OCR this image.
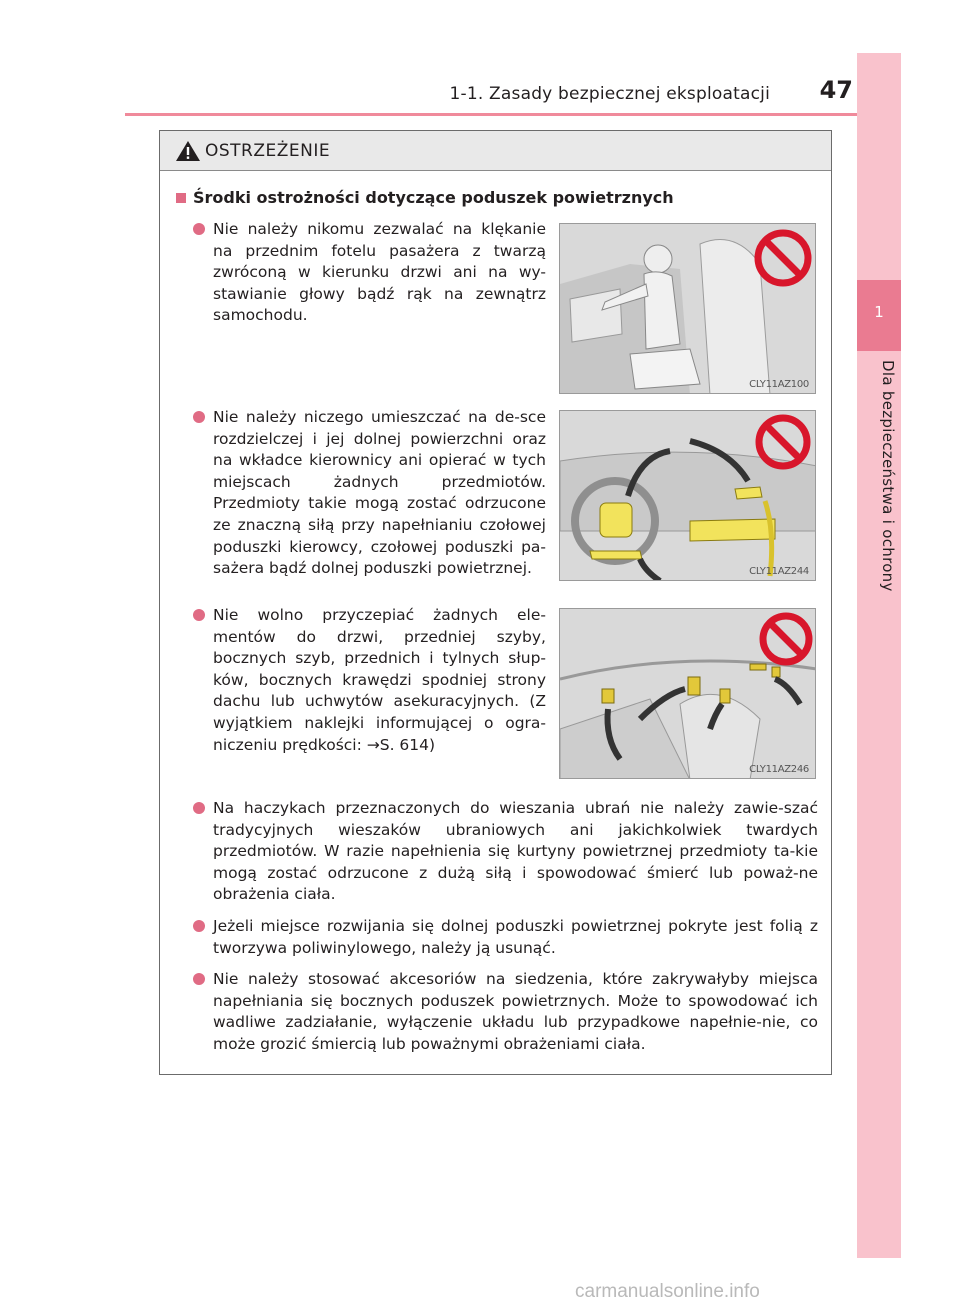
1-1. Zasady bezpiecznej eksploatacji	47
1
Dla bezpieczeństwa i ochrony
OSTRZEŻENIE
Środki ostrożności dotyczące poduszek powietrznych

Nie należy nikomu zezwalać na klękanie na przednim fotelu pasażera z twarzą zwróconą w kierunku drzwi ani na wy-stawianie głowy bądź rąk na zewnątrz samochodu.

CLY11AZ100

Nie należy niczego umieszczać na de-sce rozdzielczej i jej dolnej powierzchni oraz na wkładce kierownicy ani opierać w tych miejscach żadnych przedmiotów. Przedmioty takie mogą zostać odrzucone ze znaczną siłą przy napełnianiu czołowej poduszki kierowcy, czołowej poduszki pa-sażera bądź dolnej poduszki powietrznej.	CLY11AZ244

Nie wolno przyczepiać żadnych ele-mentów do drzwi, przedniej szyby, bocznych szyb, przednich i tylnych słup-ków, bocznych krawędzi spodniej strony dachu lub uchwytów asekuracyjnych. (Z wyjątkiem naklejki informującej o ogra-niczeniu prędkości: →S. 614)

CLY11AZ246

Na haczykach przeznaczonych do wieszania ubrań nie należy zawie-szać tradycyjnych wieszaków ubraniowych ani jakichkolwiek twardych przedmiotów. W razie napełnienia się kurtyny powietrznej przedmioty ta-kie mogą zostać odrzucone z dużą siłą i spowodować śmierć lub poważ-ne obrażenia ciała.

Jeżeli miejsce rozwijania się dolnej poduszki powietrznej pokryte jest folią z tworzywa poliwinylowego, należy ją usunąć.

Nie należy stosować akcesoriów na siedzenia, które zakrywałyby miejsca napełniania się bocznych poduszek powietrznych. Może to spowodować ich wadliwe zadziałanie, wyłączenie układu lub przypadkowe napełnie-nie, co może grozić śmiercią lub poważnymi obrażeniami ciała.

carmanualsonline.info
